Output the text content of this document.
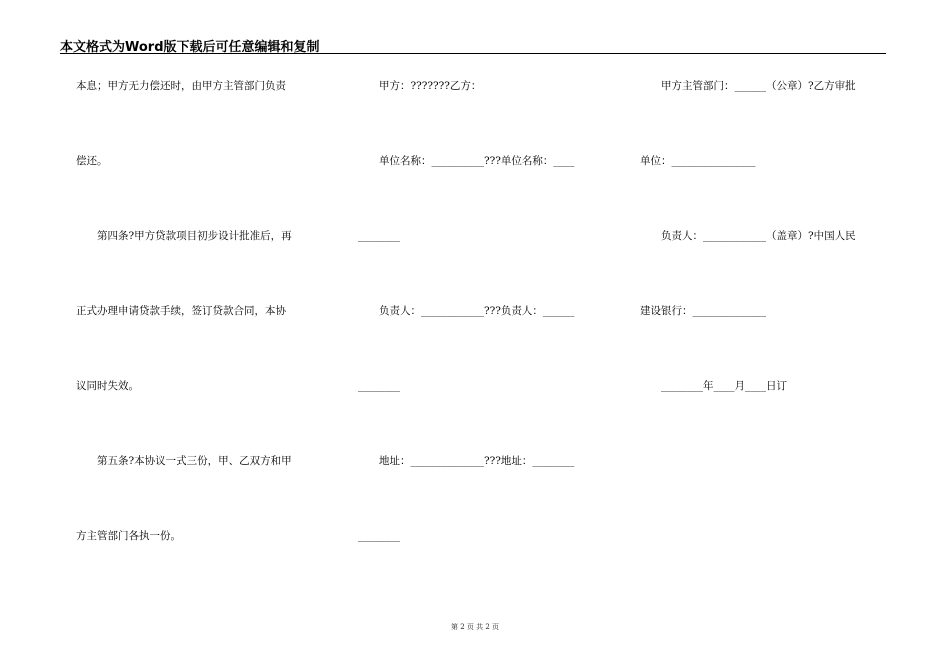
本文格式为Word版下载后可任意编辑和复制
本息；甲方无力偿还时，由甲方主管部门负责
偿还。
　　第四条?甲方贷款项目初步设计批准后，再
正式办理申请贷款手续，签订贷款合同，本协
议同时失效。
　　第五条?本协议一式三份，甲、乙双方和甲
方主管部门各执一份。
　　甲方：???????乙方：
　　单位名称：__________???单位名称：____
________
　　负责人：____________???负责人：______
________
　　地址：______________???地址：________
________
　　甲方主管部门：______（公章）?乙方审批
单位：________________
　　负责人：____________（盖章）?中国人民
建设银行：______________
　　________年____月____日订
第 2 页 共 2 页
